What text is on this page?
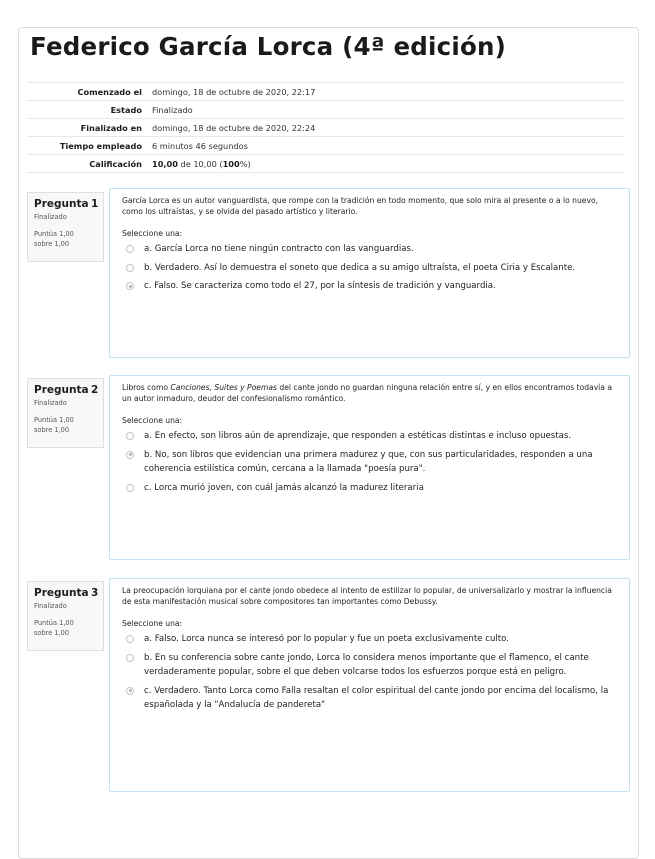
Federico García Lorca (4ª edición)
Comenzado el	domingo, 18 de octubre de 2020, 22:17
Estado	Finalizado
Finalizado en	domingo, 18 de octubre de 2020, 22:24
Tiempo empleado	6 minutos 46 segundos
Calificación	10,00 de 10,00 (100%)
Pregunta 1
Finalizado
Puntúa 1,00 sobre 1,00
García Lorca es un autor vanguardista, que rompe con la tradición en todo momento, que solo mira al presente o a lo nuevo, como los ultraístas, y se olvida del pasado artístico y literario.
Seleccione una:
a. García Lorca no tiene ningún contracto con las vanguardias.
b. Verdadero. Así lo demuestra el soneto que dedica a su amigo ultraísta, el poeta Ciria y Escalante.
c. Falso. Se caracteriza como todo el 27, por la síntesis de tradición y vanguardia.
Pregunta 2
Finalizado
Puntúa 1,00 sobre 1,00
Libros como Canciones, Suites y Poemas del cante jondo no guardan ninguna relación entre sí, y en ellos encontramos todavía a un autor inmaduro, deudor del confesionalismo romántico.
Seleccione una:
a. En efecto, son libros aún de aprendizaje, que responden a estéticas distintas e incluso opuestas.
b. No, son libros que evidencian una primera madurez y que, con sus particularidades, responden a una coherencia estilística común, cercana a la llamada "poesía pura".
c. Lorca murió joven, con cuál jamás alcanzó la madurez literaria
Pregunta 3
Finalizado
Puntúa 1,00 sobre 1,00
La preocupación lorquiana por el cante jondo obedece al intento de estilizar lo popular, de universalizarlo y mostrar la influencia de esta manifestación musical sobre compositores tan importantes como Debussy.
Seleccione una:
a. Falso. Lorca nunca se interesó por lo popular y fue un poeta exclusivamente culto.
b. En su conferencia sobre cante jondo, Lorca lo considera menos importante que el flamenco, el cante verdaderamente popular, sobre el que deben volcarse todos los esfuerzos porque está en peligro.
c. Verdadero. Tanto Lorca como Falla resaltan el color espiritual del cante jondo por encima del localismo, la españolada y la "Andalucía de pandereta"
